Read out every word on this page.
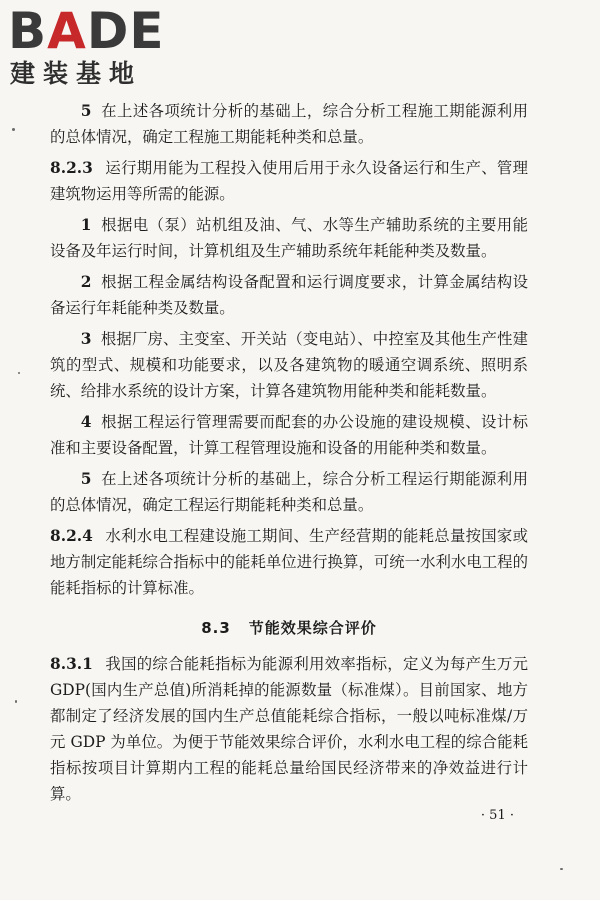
BADE
建装基地

5 在上述各项统计分析的基础上，综合分析工程施工期能源利用的总体情况，确定工程施工期能耗种类和总量。

8.2.3 运行期用能为工程投入使用后用于永久设备运行和生产、管理建筑物运用等所需的能源。

1 根据电（泵）站机组及油、气、水等生产辅助系统的主要用能设备及年运行时间，计算机组及生产辅助系统年耗能种类及数量。

2 根据工程金属结构设备配置和运行调度要求，计算金属结构设备运行年耗能种类及数量。

3 根据厂房、主变室、开关站（变电站）、中控室及其他生产性建筑的型式、规模和功能要求，以及各建筑物的暖通空调系统、照明系统、给排水系统的设计方案，计算各建筑物用能种类和能耗数量。

4 根据工程运行管理需要而配套的办公设施的建设规模、设计标准和主要设备配置，计算工程管理设施和设备的用能种类和数量。

5 在上述各项统计分析的基础上，综合分析工程运行期能源利用的总体情况，确定工程运行期能耗种类和总量。

8.2.4 水利水电工程建设施工期间、生产经营期的能耗总量按国家或地方制定能耗综合指标中的能耗单位进行换算，可统一水利水电工程的能耗指标的计算标准。

8.3 节能效果综合评价

8.3.1 我国的综合能耗指标为能源利用效率指标，定义为每产生万元 GDP(国内生产总值)所消耗掉的能源数量（标准煤）。目前国家、地方都制定了经济发展的国内生产总值能耗综合指标，一般以吨标准煤/万元 GDP 为单位。为便于节能效果综合评价，水利水电工程的综合能耗指标按项目计算期内工程的能耗总量给国民经济带来的净效益进行计算。

· 51 ·
